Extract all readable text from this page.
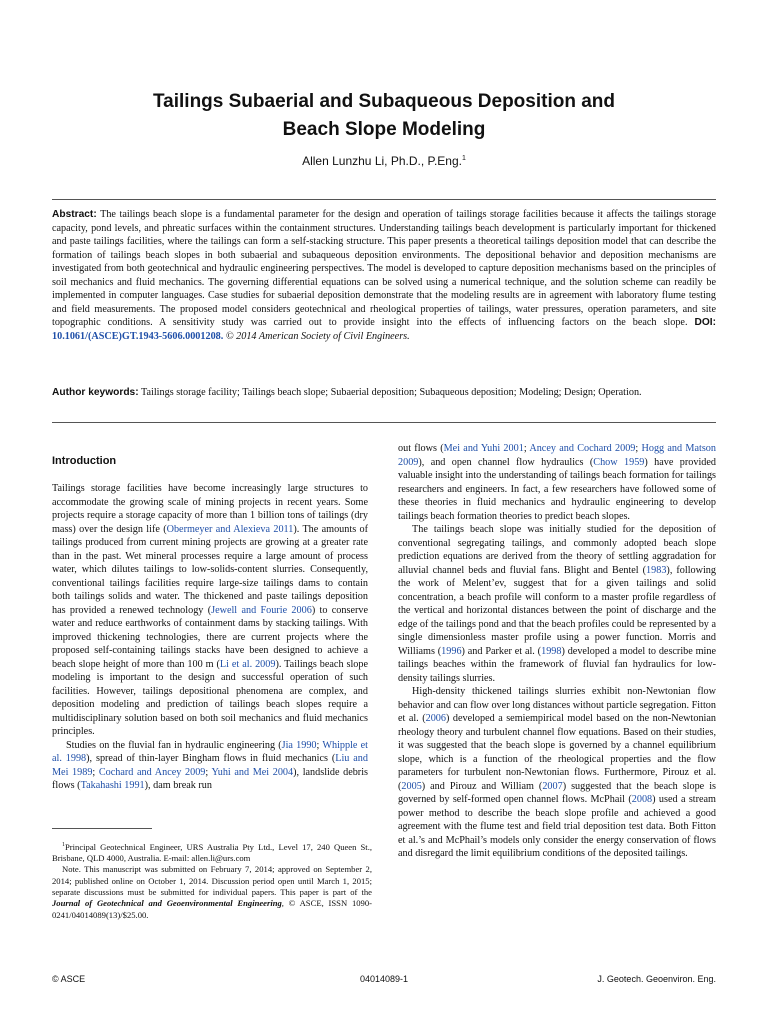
Tailings Subaerial and Subaqueous Deposition and
Beach Slope Modeling

Allen Lunzhu Li, Ph.D., P.Eng.$^1$

Abstract: The tailings beach slope is a fundamental parameter for the design and operation of tailings storage facilities because it affects the tailings storage capacity, pond levels, and phreatic surfaces within the containment structures. Understanding tailings beach development is particularly important for thickened and paste tailings facilities, where the tailings can form a self-stacking structure. This paper presents a theoretical tailings deposition model that can describe the formation of tailings beach slopes in both subaerial and subaqueous deposition environments. The depositional behavior and deposition mechanisms are investigated from both geotechnical and hydraulic engineering perspectives. The model is developed to capture deposition mechanisms based on the principles of soil mechanics and fluid mechanics. The governing differential equations can be solved using a numerical technique, and the solution scheme can readily be implemented in computer languages. Case studies for subaerial deposition demonstrate that the modeling results are in agreement with laboratory flume testing and field measurements. The proposed model considers geotechnical and rheological properties of tailings, water pressures, operation parameters, and site topographic conditions. A sensitivity study was carried out to provide insight into the effects of influencing factors on the beach slope. DOI: 10.1061/(ASCE)GT.1943-5606.0001208. © 2014 American Society of Civil Engineers.

Author keywords: Tailings storage facility; Tailings beach slope; Subaerial deposition; Subaqueous deposition; Modeling; Design; Operation.

Introduction

Tailings storage facilities have become increasingly large structures to accommodate the growing scale of mining projects in recent years. Some projects require a storage capacity of more than 1 billion tons of tailings (dry mass) over the design life (Obermeyer and Alexieva 2011). The amounts of tailings produced from current mining projects are growing at a greater rate than in the past. Wet mineral processes require a large amount of process water, which dilutes tailings to low-solids-content slurries. Consequently, conventional tailings facilities require large-size tailings dams to contain both tailings solids and water. The thickened and paste tailings deposition has provided a renewed technology (Jewell and Fourie 2006) to conserve water and reduce earthworks of containment dams by stacking tailings. With improved thickening technologies, there are current projects where the proposed self-containing tailings stacks have been designed to achieve a beach slope height of more than 100 m (Li et al. 2009). Tailings beach slope modeling is important to the design and successful operation of such facilities. However, tailings depositional phenomena are complex, and deposition modeling and prediction of tailings beach slopes require a multidisciplinary solution based on both soil mechanics and fluid mechanics principles.

Studies on the fluvial fan in hydraulic engineering (Jia 1990; Whipple et al. 1998), spread of thin-layer Bingham flows in fluid mechanics (Liu and Mei 1989; Cochard and Ancey 2009; Yuhi and Mei 2004), landslide debris flows (Takahashi 1991), dam break run

$^1$Principal Geotechnical Engineer, URS Australia Pty Ltd., Level 17, 240 Queen St., Brisbane, QLD 4000, Australia. E-mail: allen.li@urs.com

Note. This manuscript was submitted on February 7, 2014; approved on September 2, 2014; published online on October 1, 2014. Discussion period open until March 1, 2015; separate discussions must be submitted for individual papers. This paper is part of the Journal of Geotechnical and Geoenvironmental Engineering, © ASCE, ISSN 1090-0241/04014089(13)/$25.00.

out flows (Mei and Yuhi 2001; Ancey and Cochard 2009; Hogg and Matson 2009), and open channel flow hydraulics (Chow 1959) have provided valuable insight into the understanding of tailings beach formation for tailings researchers and engineers. In fact, a few researchers have followed some of these theories in fluid mechanics and hydraulic engineering to develop tailings beach formation theories to predict beach slopes.

The tailings beach slope was initially studied for the deposition of conventional segregating tailings, and commonly adopted beach slope prediction equations are derived from the theory of settling aggradation for alluvial channel beds and fluvial fans. Blight and Bentel (1983), following the work of Melent’ev, suggest that for a given tailings and solid concentration, a beach profile will conform to a master profile regardless of the vertical and horizontal distances between the point of discharge and the edge of the tailings pond and that the beach profiles could be represented by a single dimensionless master profile using a power function. Morris and Williams (1996) and Parker et al. (1998) developed a model to describe mine tailings beaches within the framework of fluvial fan hydraulics for low-density tailings slurries.

High-density thickened tailings slurries exhibit non-Newtonian flow behavior and can flow over long distances without particle segregation. Fitton et al. (2006) developed a semiempirical model based on the non-Newtonian rheology theory and turbulent channel flow equations. Based on their studies, it was suggested that the beach slope is governed by a channel equilibrium slope, which is a function of the rheological properties and the flow parameters for turbulent non-Newtonian flows. Furthermore, Pirouz et al. (2005) and Pirouz and William (2007) suggested that the beach slope is governed by self-formed open channel flows. McPhail (2008) used a stream power method to describe the beach slope profile and achieved a good agreement with the flume test and field trial deposition test data. Both Fitton et al.’s and McPhail’s models only consider the energy conservation of flows and disregard the limit equilibrium conditions of the deposited tailings.

© ASCE	04014089-1	J. Geotech. Geoenviron. Eng.
